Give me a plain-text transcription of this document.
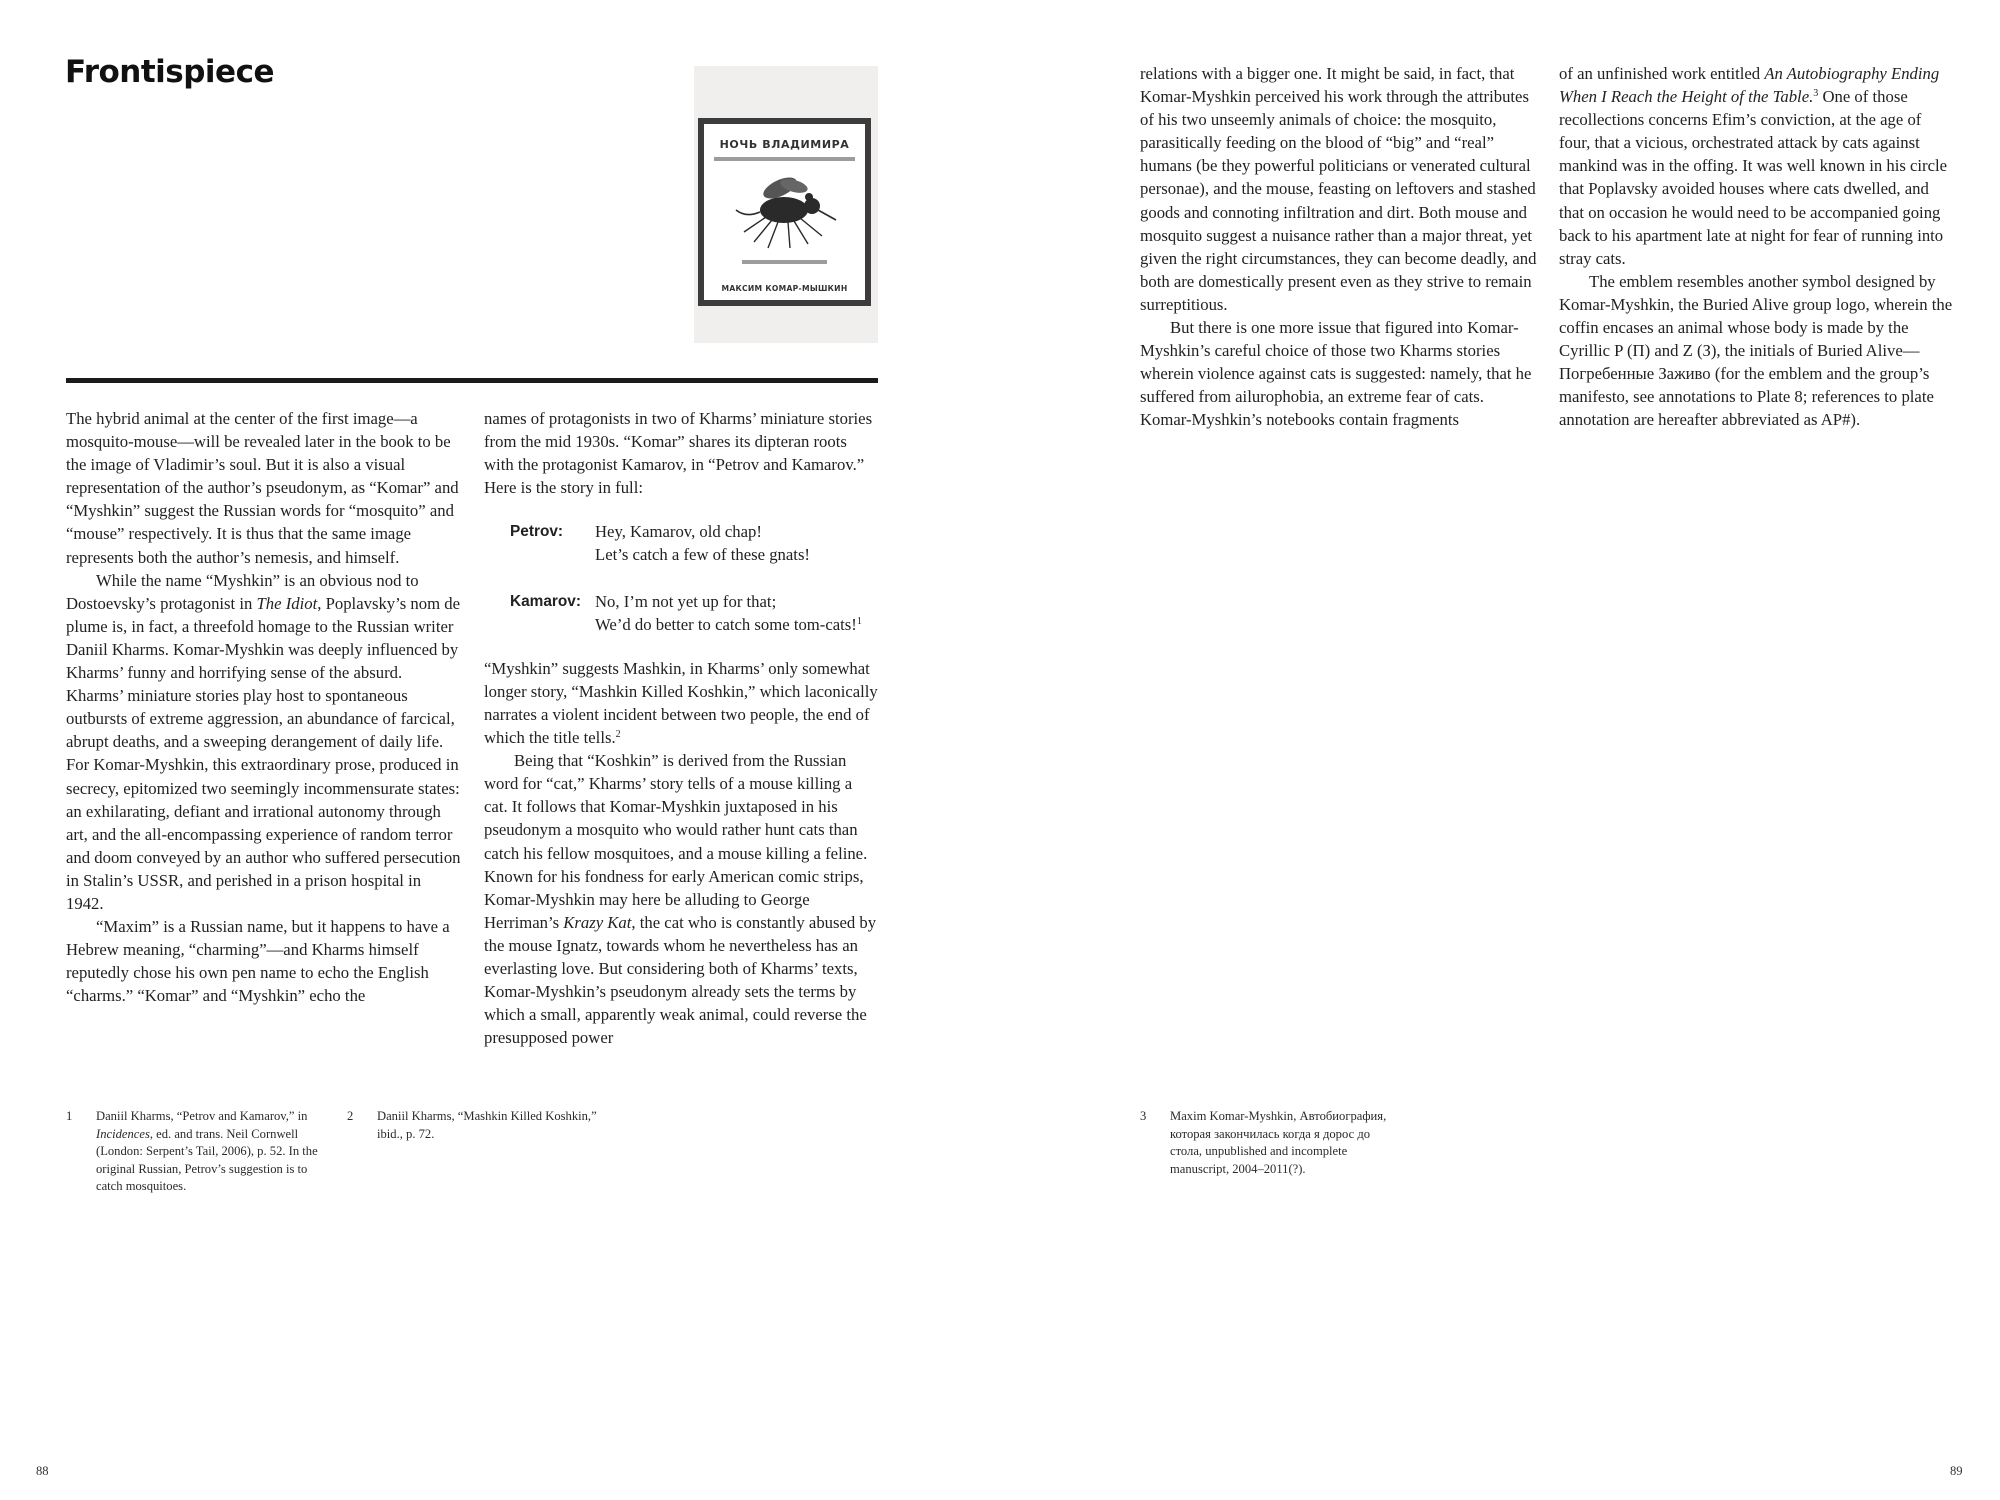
Frontispiece
НОЧЬ ВЛАДИМИРА
МАКСИМ КОМАР-МЫШКИН

The hybrid animal at the center of the first image—a mosquito-mouse—will be revealed later in the book to be the image of Vladimir’s soul. But it is also a visual representation of the author’s pseudonym, as “Komar” and “Myshkin” suggest the Russian words for “mosquito” and “mouse” respectively. It is thus that the same image represents both the author’s nemesis, and himself.

While the name “Myshkin” is an obvious nod to Dostoevsky’s protagonist in The Idiot, Poplavsky’s nom de plume is, in fact, a threefold homage to the Russian writer Daniil Kharms. Komar-Myshkin was deeply influenced by Kharms’ funny and horrifying sense of the absurd. Kharms’ miniature stories play host to spontaneous outbursts of extreme aggression, an abundance of farcical, abrupt deaths, and a sweeping derangement of daily life. For Komar-Myshkin, this extraordinary prose, produced in secrecy, epitomized two seemingly incommensurate states: an exhilarating, defiant and irrational autonomy through art, and the all-encompassing experience of random terror and doom conveyed by an author who suffered persecution in Stalin’s USSR, and perished in a prison hospital in 1942.

“Maxim” is a Russian name, but it happens to have a Hebrew meaning, “charming”—and Kharms himself reputedly chose his own pen name to echo the English “charms.” “Komar” and “Myshkin” echo the

names of protagonists in two of Kharms’ miniature stories from the mid 1930s. “Komar” shares its dipteran roots with the protagonist Kamarov, in “Petrov and Kamarov.” Here is the story in full:

Petrov:	Hey, Kamarov, old chap!
Let’s catch a few of these gnats!
Kamarov: No, I’m not yet up for that;
We’d do better to catch some tom-cats!$^1$

“Myshkin” suggests Mashkin, in Kharms’ only somewhat longer story, “Mashkin Killed Koshkin,” which laconically narrates a violent incident between two people, the end of which the title tells.$^2$

Being that “Koshkin” is derived from the Russian word for “cat,” Kharms’ story tells of a mouse killing a cat. It follows that Komar-Myshkin juxtaposed in his pseudonym a mosquito who would rather hunt cats than catch his fellow mosquitoes, and a mouse killing a feline. Known for his fondness for early American comic strips, Komar-Myshkin may here be alluding to George Herriman’s Krazy Kat, the cat who is constantly abused by the mouse Ignatz, towards whom he nevertheless has an everlasting love. But considering both of Kharms’ texts, Komar-Myshkin’s pseudonym already sets the terms by which a small, apparently weak animal, could reverse the presupposed power

relations with a bigger one. It might be said, in fact, that Komar-Myshkin perceived his work through the attributes of his two unseemly animals of choice: the mosquito, parasitically feeding on the blood of “big” and “real” humans (be they powerful politicians or venerated cultural personae), and the mouse, feasting on leftovers and stashed goods and connoting infiltration and dirt. Both mouse and mosquito suggest a nuisance rather than a major threat, yet given the right circumstances, they can become deadly, and both are domestically present even as they strive to remain surreptitious.

But there is one more issue that figured into Komar-Myshkin’s careful choice of those two Kharms stories wherein violence against cats is suggested: namely, that he suffered from ailurophobia, an extreme fear of cats. Komar-Myshkin’s notebooks contain fragments

of an unfinished work entitled An Autobiography Ending When I Reach the Height of the Table.$^3$ One of those recollections concerns Efim’s conviction, at the age of four, that a vicious, orchestrated attack by cats against mankind was in the offing. It was well known in his circle that Poplavsky avoided houses where cats dwelled, and that on occasion he would need to be accompanied going back to his apartment late at night for fear of running into stray cats.

The emblem resembles another symbol designed by Komar-Myshkin, the Buried Alive group logo, wherein the coffin encases an animal whose body is made by the Cyrillic P (П) and Z (З), the initials of Buried Alive—Погребенные Заживо (for the emblem and the group’s manifesto, see annotations to Plate 8; references to plate annotation are hereafter abbreviated as AP#).

1	Daniil Kharms, “Petrov and Kamarov,” in Incidences, ed. and trans. Neil Cornwell (London: Serpent’s Tail, 2006), p. 52. In the original Russian, Petrov’s suggestion is to catch mosquitoes.
2	Daniil Kharms, “Mashkin Killed Koshkin,” ibid., p. 72.
3	Maxim Komar-Myshkin, Автобиография, которая закончилась когда я дорос до стола, unpublished and incomplete manuscript, 2004–2011(?).
88	89
